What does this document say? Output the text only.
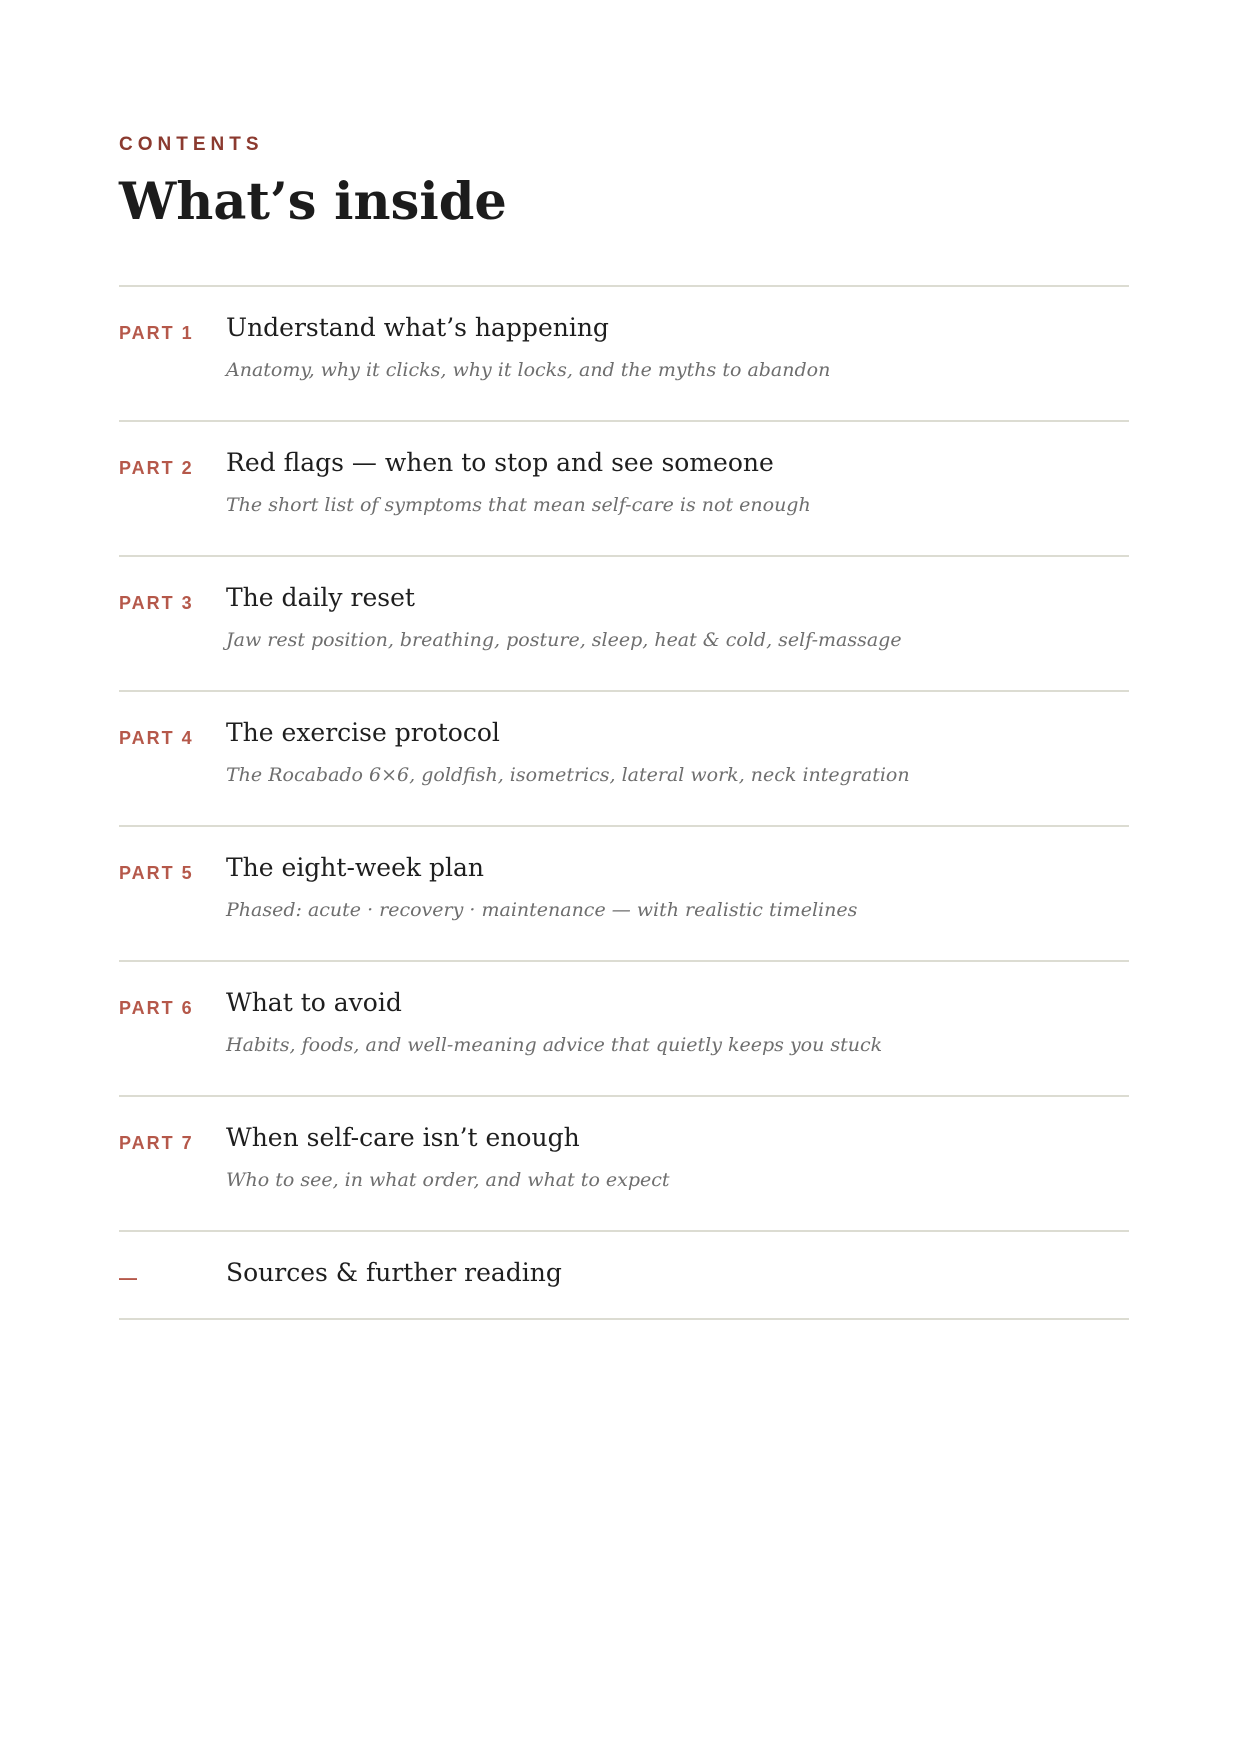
CONTENTS

What’s inside
PART 1 Understand what’s happening
Anatomy, why it clicks, why it locks, and the myths to abandon
PART 2 Red flags — when to stop and see someone
The short list of symptoms that mean self-care is not enough
PART 3 The daily reset
Jaw rest position, breathing, posture, sleep, heat & cold, self-massage
PART 4 The exercise protocol
The Rocabado 6×6, goldfish, isometrics, lateral work, neck integration
PART 5 The eight-week plan
Phased: acute · recovery · maintenance — with realistic timelines
PART 6 What to avoid
Habits, foods, and well-meaning advice that quietly keeps you stuck
PART 7 When self-care isn’t enough
Who to see, in what order, and what to expect
—	Sources & further reading
